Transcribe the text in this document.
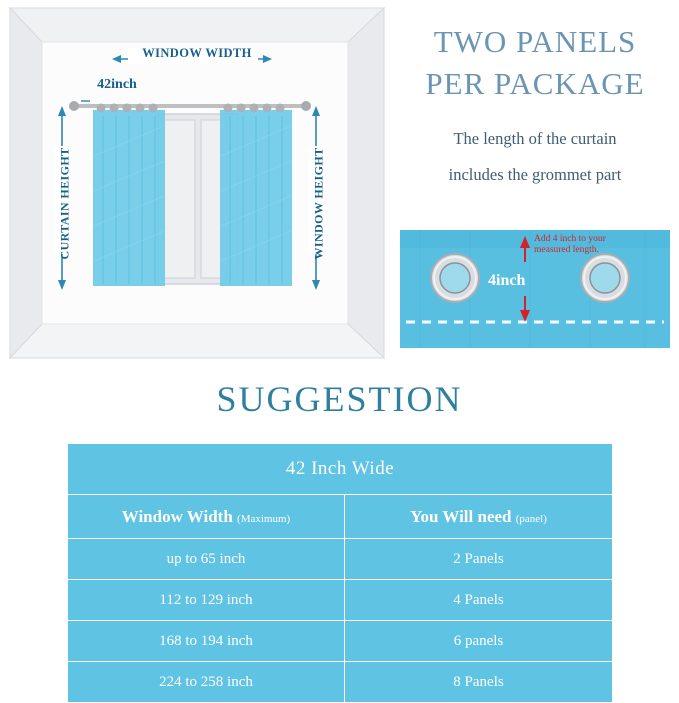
WINDOW WIDTH
42inch
CURTAIN HEIGHT	WINDOW HEIGHT
TWO PANELS
PER PACKAGE
The length of the curtain
includes the grommet part
Add 4 inch to your
measured length.
4inch
SUGGESTION
42 Inch Wide	
Window Width (Maximum)	You Will need (panel)
up to 65 inch	2 Panels
112 to 129 inch	4 Panels
168 to 194 inch	6 panels
224 to 258 inch	8 Panels
